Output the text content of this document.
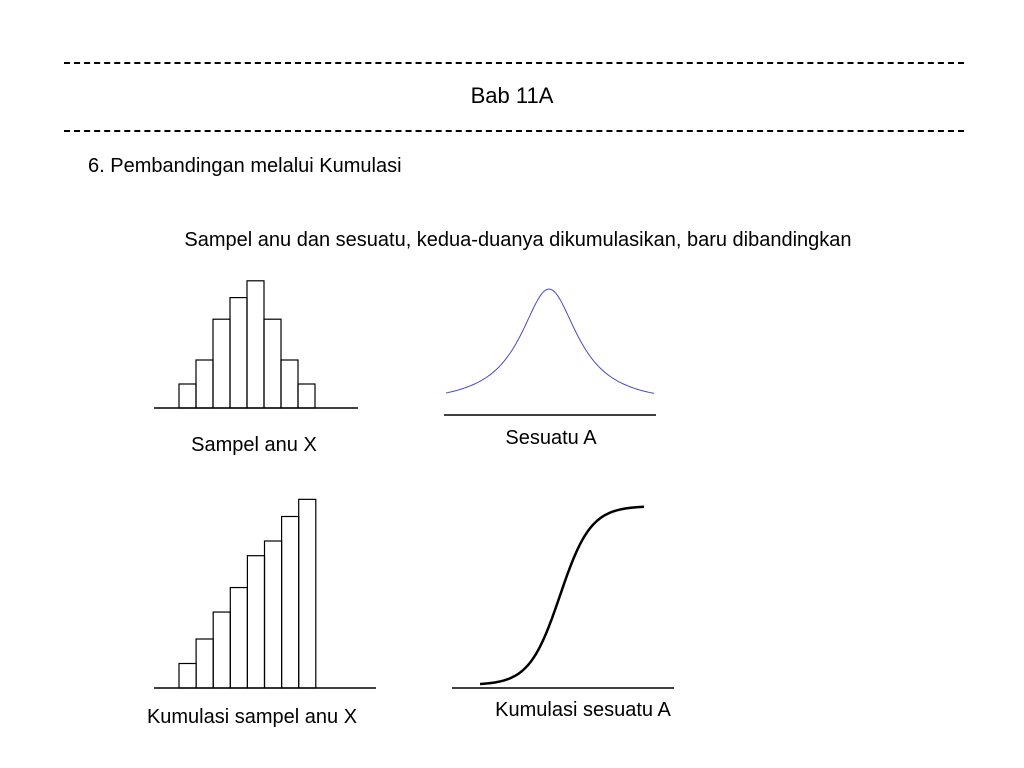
Bab 11A
6. Pembandingan melalui Kumulasi
Sampel anu dan sesuatu, kedua-duanya dikumulasikan, baru dibandingkan
Sampel anu X	Sesuatu A
Kumulasi sampel anu X	Kumulasi sesuatu A
